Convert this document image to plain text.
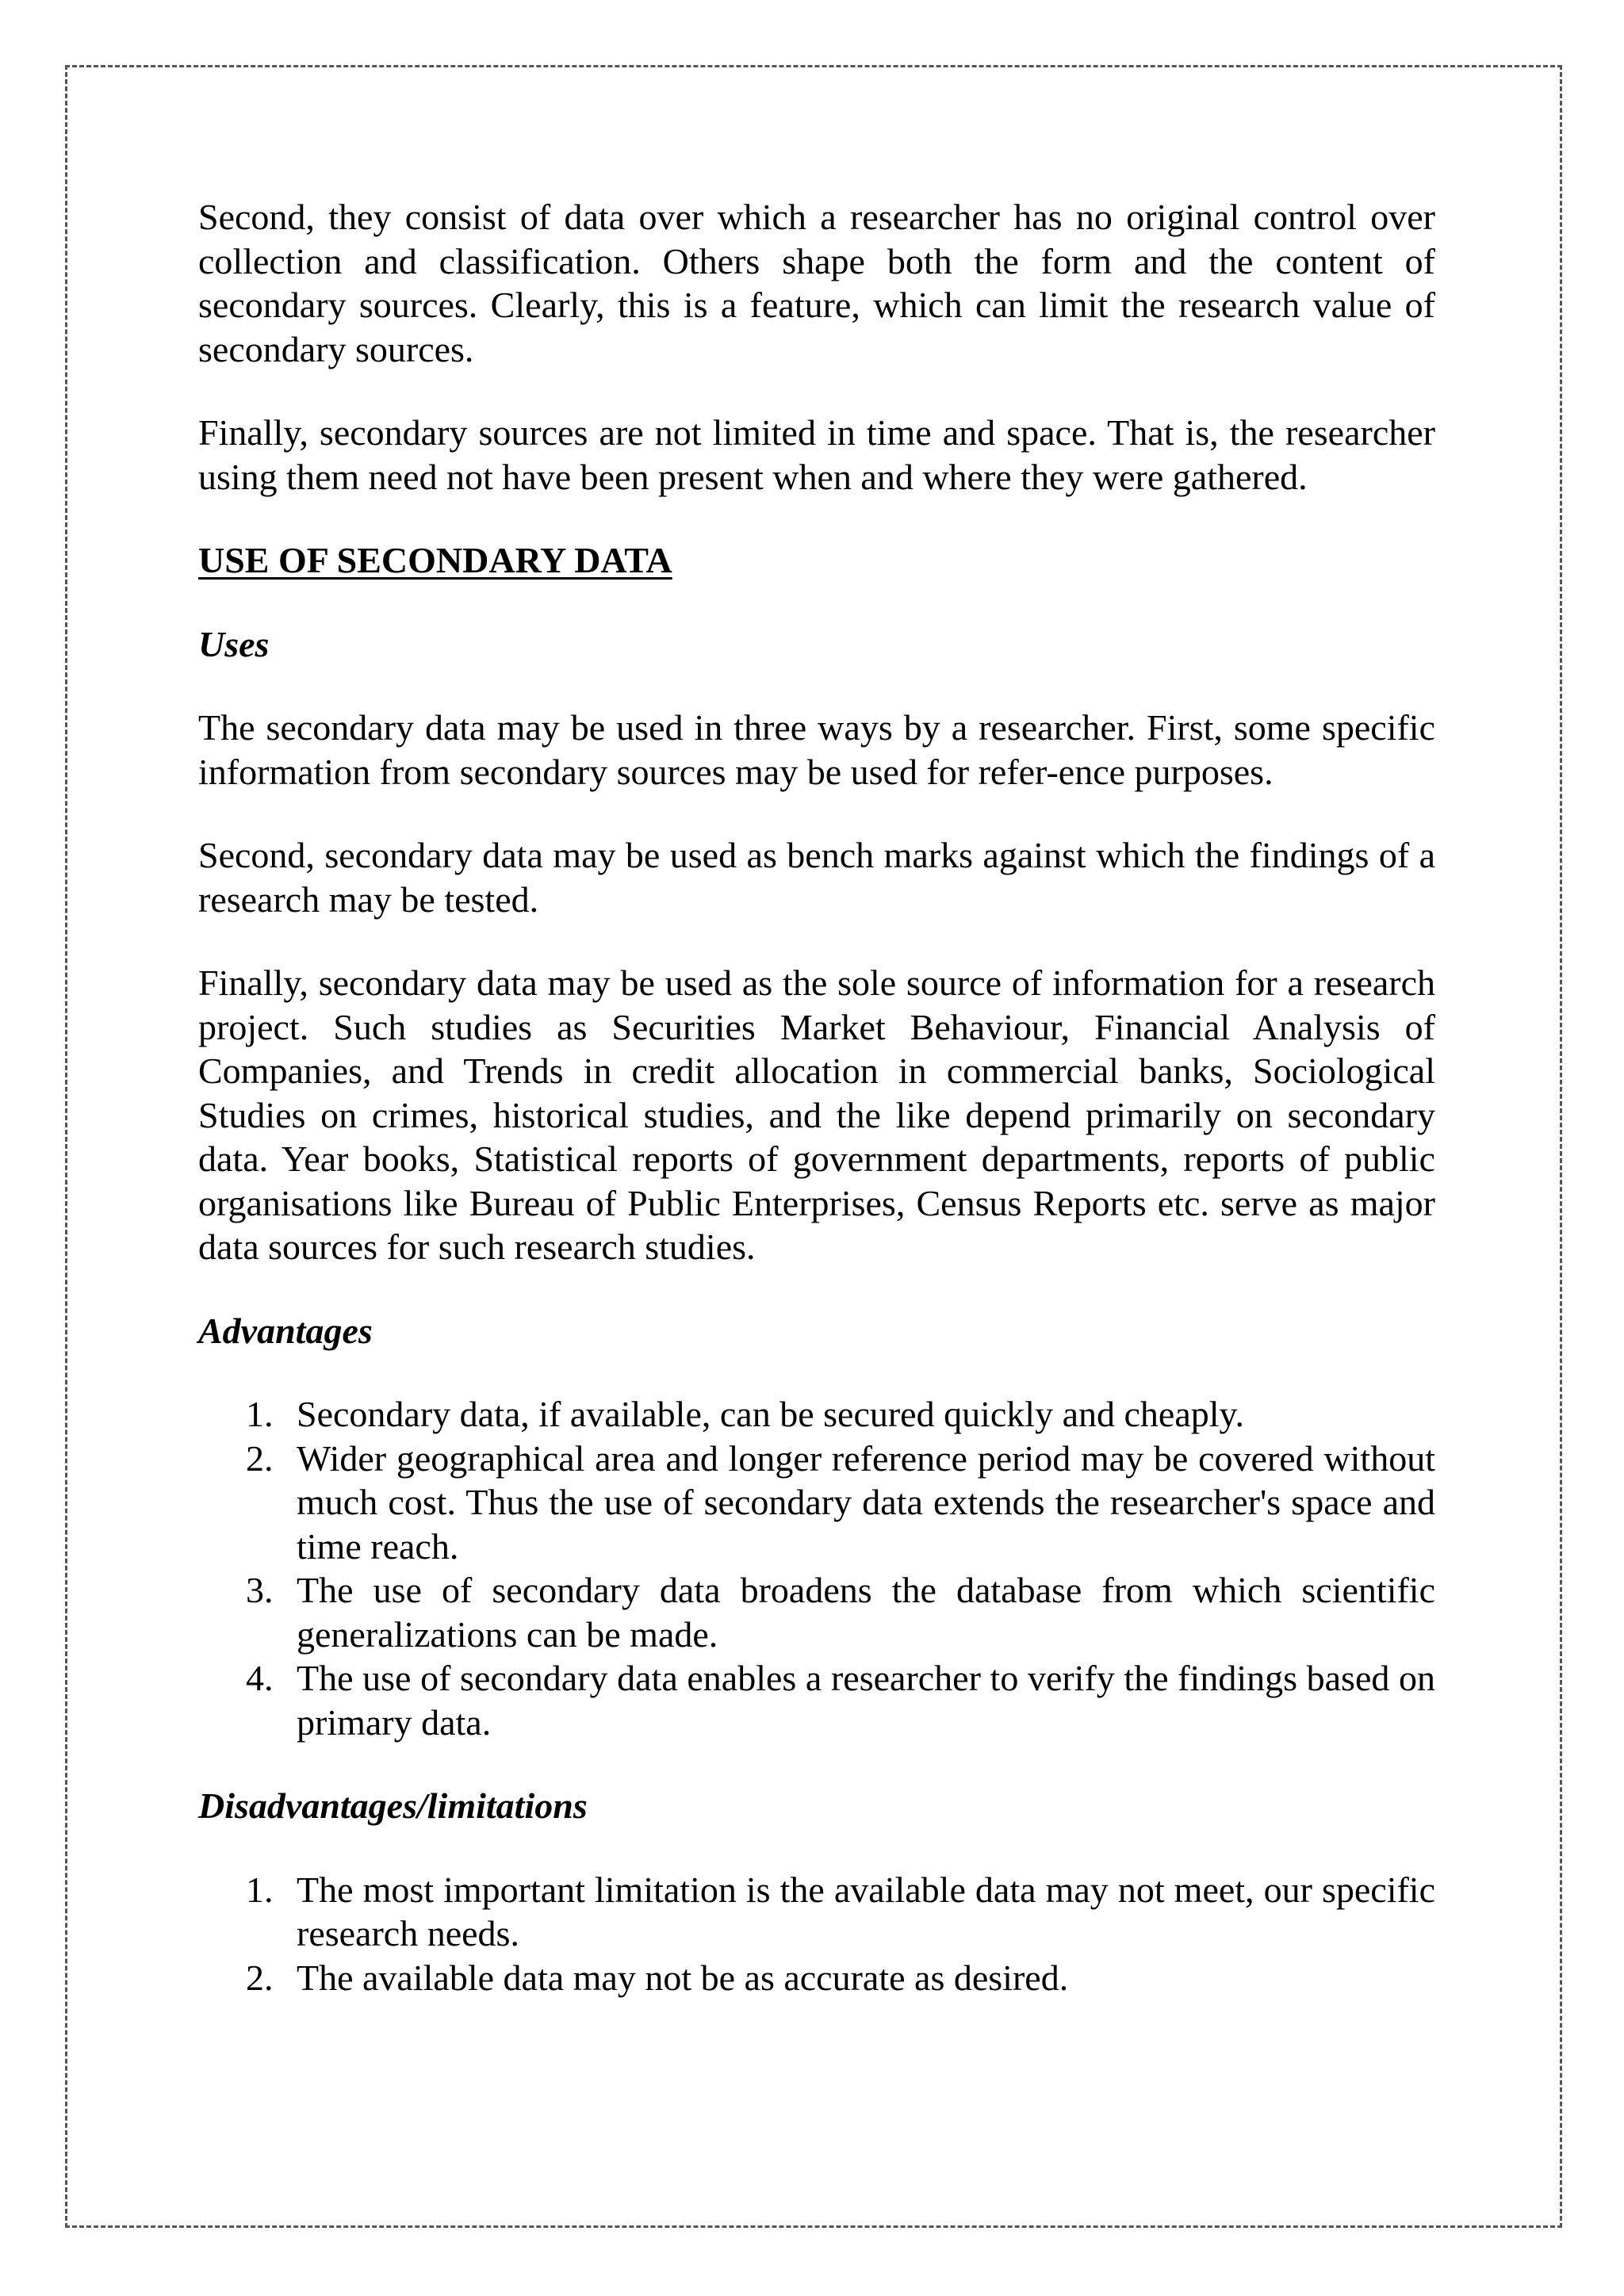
Second, they consist of data over which a researcher has no original control over collection and classification. Others shape both the form and the content of secondary sources. Clearly, this is a feature, which can limit the research value of secondary sources.

Finally, secondary sources are not limited in time and space. That is, the researcher using them need not have been present when and where they were gathered.

USE OF SECONDARY DATA

Uses

The secondary data may be used in three ways by a researcher. First, some specific information from secondary sources may be used for refer-ence purposes.

Second, secondary data may be used as bench marks against which the findings of a research may be tested.

Finally, secondary data may be used as the sole source of information for a research project. Such studies as Securities Market Behaviour, Financial Analysis of Companies, and Trends in credit allocation in commercial banks, Sociological Studies on crimes, historical studies, and the like depend primarily on secondary data. Year books, Statistical reports of government departments, reports of public organisations like Bureau of Public Enterprises, Census Reports etc. serve as major data sources for such research studies.

Advantages

1. Secondary data, if available, can be secured quickly and cheaply.
2. Wider geographical area and longer reference period may be covered without much cost. Thus the use of secondary data extends the researcher's space and time reach.
3. The use of secondary data broadens the database from which scientific generalizations can be made.
4. The use of secondary data enables a researcher to verify the findings based on primary data.

Disadvantages/limitations

1. The most important limitation is the available data may not meet, our specific research needs.
2. The available data may not be as accurate as desired.
